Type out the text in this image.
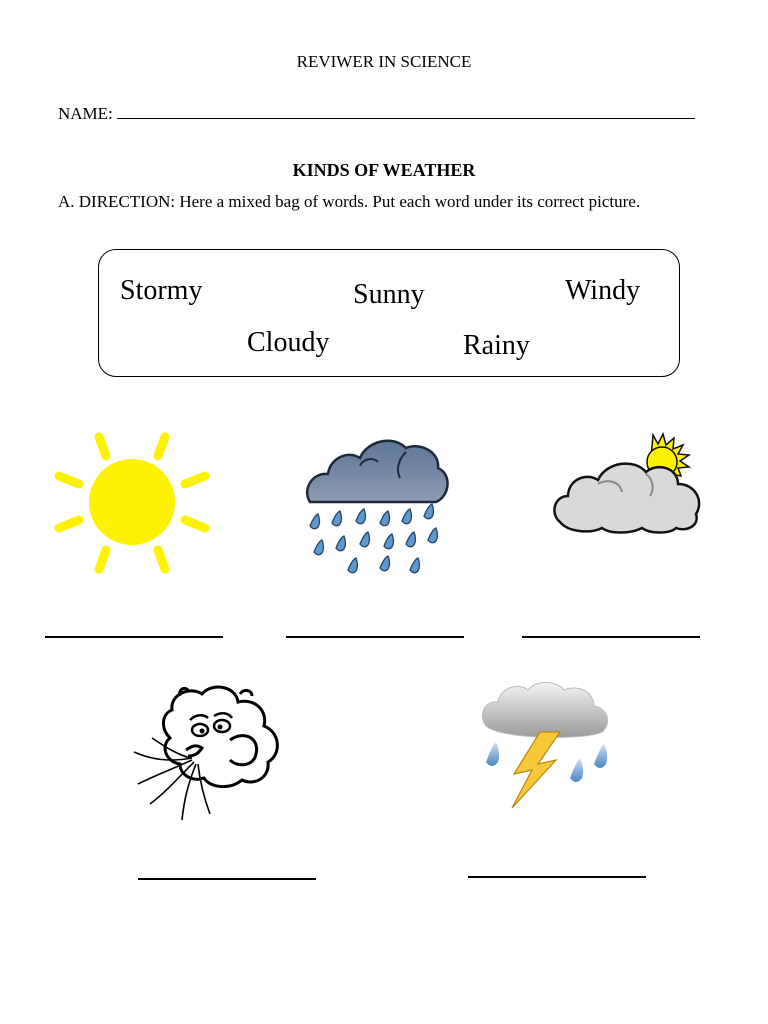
REVIWER IN SCIENCE
NAME:
KINDS OF WEATHER
A. DIRECTION: Here a mixed bag of words. Put each word under its correct picture.
Stormy	Sunny	Windy
Cloudy	Rainy
